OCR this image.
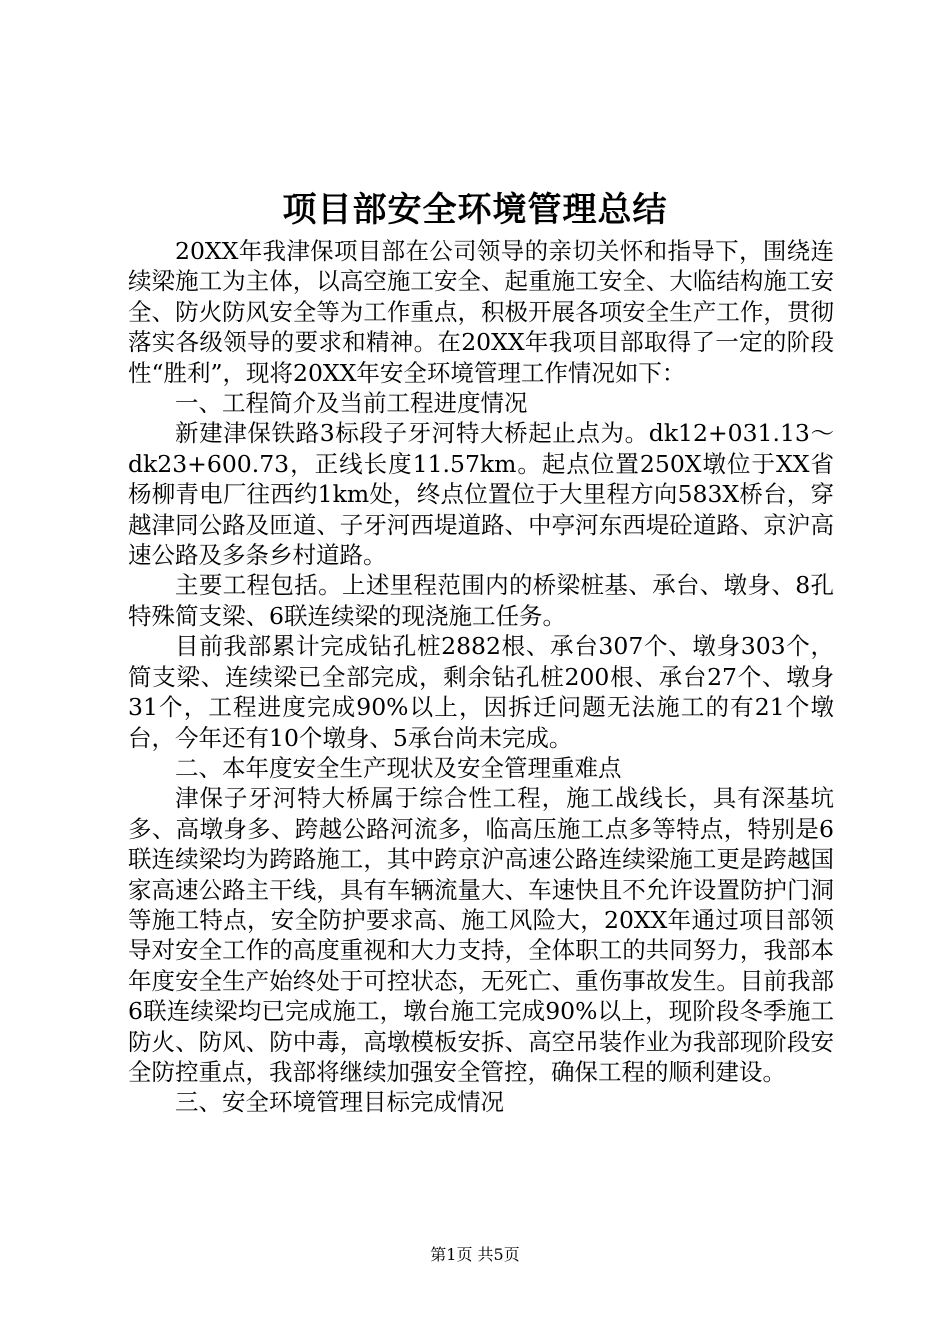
项目部安全环境管理总结

20XX年我津保项目部在公司领导的亲切关怀和指导下，围绕连续梁施工为主体，以高空施工安全、起重施工安全、大临结构施工安全、防火防风安全等为工作重点，积极开展各项安全生产工作，贯彻落实各级领导的要求和精神。在20XX年我项目部取得了一定的阶段性“胜利”，现将20XX年安全环境管理工作情况如下：

一、工程简介及当前工程进度情况

新建津保铁路3标段子牙河特大桥起止点为。dk12+031.13～dk23+600.73，正线长度11.57km。起点位置250X墩位于XX省杨柳青电厂往西约1km处，终点位置位于大里程方向583X桥台，穿越津同公路及匝道、子牙河西堤道路、中亭河东西堤砼道路、京沪高速公路及多条乡村道路。

主要工程包括。上述里程范围内的桥梁桩基、承台、墩身、8孔特殊简支梁、6联连续梁的现浇施工任务。

目前我部累计完成钻孔桩2882根、承台307个、墩身303个，简支梁、连续梁已全部完成，剩余钻孔桩200根、承台27个、墩身31个，工程进度完成90%以上，因拆迁问题无法施工的有21个墩台，今年还有10个墩身、5承台尚未完成。

二、本年度安全生产现状及安全管理重难点

津保子牙河特大桥属于综合性工程，施工战线长，具有深基坑多、高墩身多、跨越公路河流多，临高压施工点多等特点，特别是6联连续梁均为跨路施工，其中跨京沪高速公路连续梁施工更是跨越国家高速公路主干线，具有车辆流量大、车速快且不允许设置防护门洞等施工特点，安全防护要求高、施工风险大，20XX年通过项目部领导对安全工作的高度重视和大力支持，全体职工的共同努力，我部本年度安全生产始终处于可控状态，无死亡、重伤事故发生。目前我部6联连续梁均已完成施工，墩台施工完成90%以上，现阶段冬季施工防火、防风、防中毒，高墩模板安拆、高空吊装作业为我部现阶段安全防控重点，我部将继续加强安全管控，确保工程的顺利建设。

三、安全环境管理目标完成情况

第1页 共5页
